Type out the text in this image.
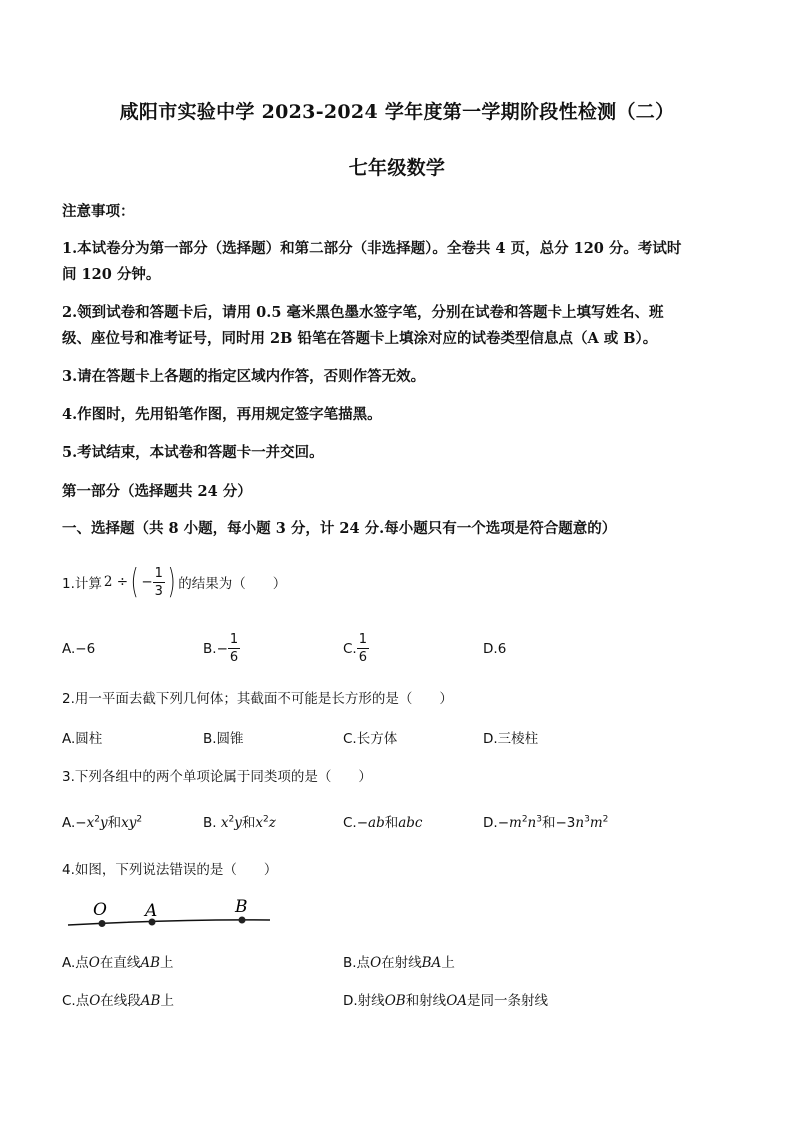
咸阳市实验中学 2023-2024 学年度第一学期阶段性检测（二）
七年级数学
注意事项：
1.本试卷分为第一部分（选择题）和第二部分（非选择题）。全卷共 4 页，总分 120 分。考试时
间 120 分钟。
2.领到试卷和答题卡后，请用 0.5 毫米黑色墨水签字笔，分别在试卷和答题卡上填写姓名、班
级、座位号和准考证号，同时用 2B 铅笔在答题卡上填涂对应的试卷类型信息点（A 或 B）。
3.请在答题卡上各题的指定区域内作答，否则作答无效。
4.作图时，先用铅笔作图，再用规定签字笔描黑。
5.考试结束，本试卷和答题卡一并交回。
第一部分（选择题共 24 分）
一、选择题（共 8 小题，每小题 3 分，计 24 分.每小题只有一个选项是符合题意的）
1.计算 2 ÷ ( − $\frac{1}{3}$ ) 的结果为（　　）
A.−6	B. − $\frac{1}{6}$	C. $\frac{1}{6}$	D.6
2.用一平面去截下列几何体；其截面不可能是长方形的是（　　）
A.圆柱	B.圆锥	C.长方体	D.三棱柱
3.下列各组中的两个单项论属于同类项的是（　　）
$A.-x^2y$和$xy^2$	B. $x^2y$和$x^2z$	C.−ab和abc	$D.-m^2n^3$和$-3n^3m^2$
4.如图，下列说法错误的是（　　）
O A	B
A.点O在直线AB上	B.点O在射线BA上
C.点O在线段AB上	D.射线OB和射线OA是同一条射线
